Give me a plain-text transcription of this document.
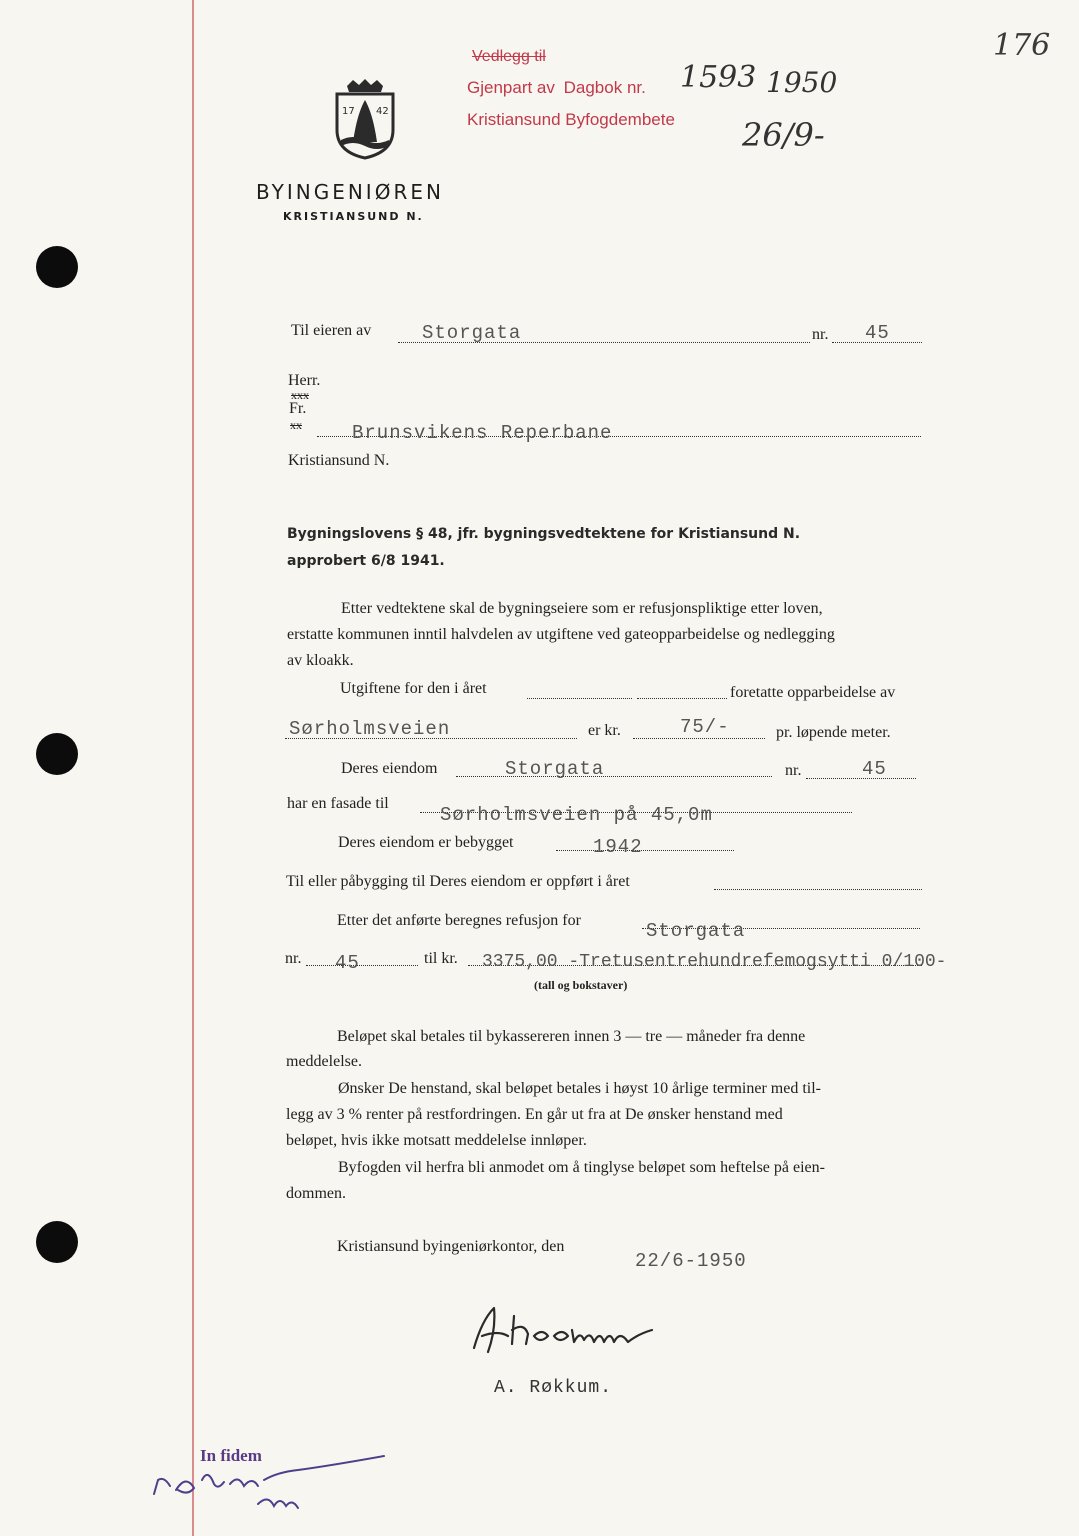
176
Vedlegg til
Gjenpart av Dagbok nr. 1593 1950
Kristiansund Byfogdembete 26/9-
17 42
BYINGENIØREN
KRISTIANSUND N.
Til eieren av	Storgata	nr. 45
Herr.
xxx
Fr.
xx	Brunsvikens Reperbane
Kristiansund N.
Bygningslovens § 48, jfr. bygningsvedtektene for Kristiansund N.
approbert 6/8 1941.
Etter vedtektene skal de bygningseiere som er refusjonspliktige etter loven,
erstatte kommunen inntil halvdelen av utgiftene ved gateopparbeidelse og nedlegging
av kloakk.
Utgiftene for den i året	foretatte opparbeidelse av
Sørholmsveien	er kr.	75/-	pr. løpende meter.
Deres eiendom	Storgata	nr.	45
har en fasade til
Sørholmsveien på 45,0m
Deres eiendom er bebygget	1942
Til eller påbygging til Deres eiendom er oppført i året
Etter det anførte beregnes refusjon for	Storgata
nr. 45	til kr. 3375,00 -Tretusentrehundrefemogsytti 0/100-
(tall og bokstaver)
Beløpet skal betales til bykassereren innen 3 — tre — måneder fra denne
meddelelse.
Ønsker De henstand, skal beløpet betales i høyst 10 årlige terminer med til-
legg av 3 % renter på restfordringen. En går ut fra at De ønsker henstand med
beløpet, hvis ikke motsatt meddelelse innløper.
Byfogden vil herfra bli anmodet om å tinglyse beløpet som heftelse på eien-
dommen.
Kristiansund byingeniørkontor, den
22/6-1950
A. Røkkum.
In fidem
